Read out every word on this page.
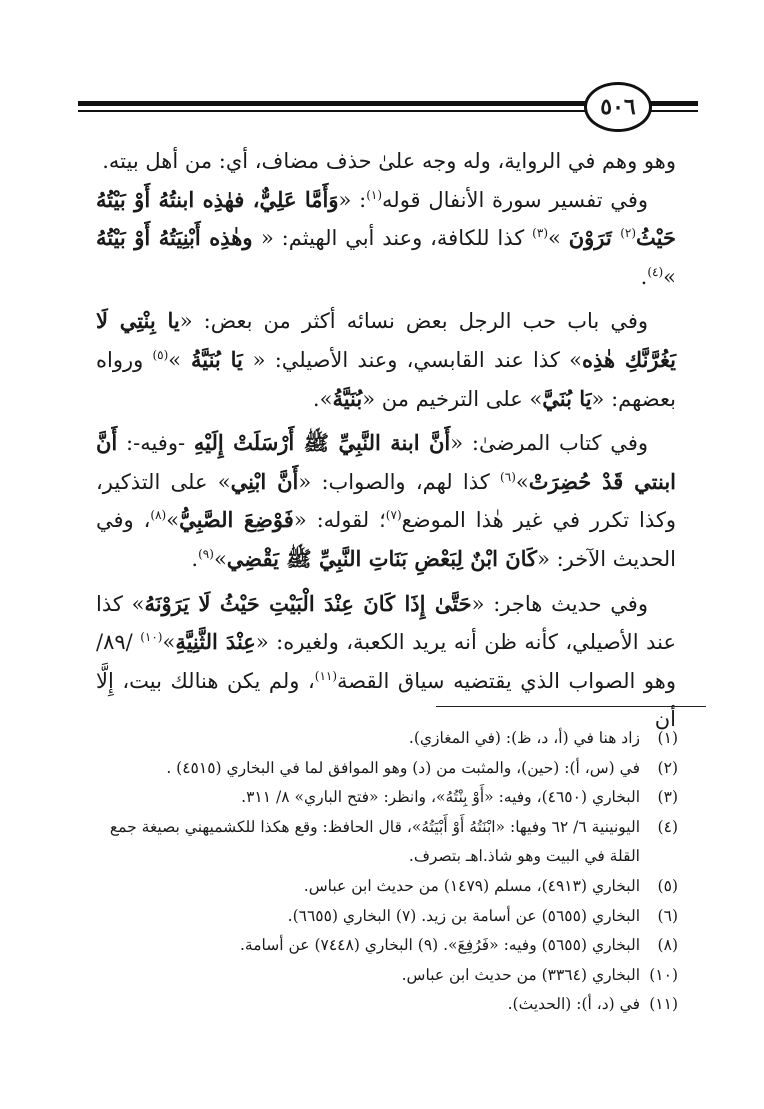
٥٠٦

وهو وهم في الرواية، وله وجه علىٰ حذف مضاف، أي: من أهل بيته.

وفي تفسير سورة الأنفال قوله$^{(١)}$: «وَأَمَّا عَلِيٌّ، فهٰذِه ابنتُهُ أَوْ بَيْتُهُ حَيْثُ$^{(٢)}$ تَرَوْنَ »$^{(٣)}$ كذا للكافة، وعند أبي الهيثم: « وهٰذِه أَبْنِيَتُهُ أَوْ بَيْتُهُ »$^{(٤)}$.

وفي باب حب الرجل بعض نسائه أكثر من بعض: «يا بِنْتِي لَا يَغُرَّنَّكِ هٰذِه» كذا عند القابسي، وعند الأصيلي: « يَا بُنَيَّةُ »$^{(٥)}$ ورواه بعضهم: «يَا بُنَيَّ» على الترخيم من «بُنَيَّةُ».

وفي كتاب المرضىٰ: «أَنَّ ابنة النَّبِيِّ ﷺ أَرْسَلَتْ إِلَيْهِ -وفيه-: أَنَّ ابنتي قَدْ حُضِرَتْ»$^{(٦)}$ كذا لهم، والصواب: «أَنَّ ابْنِي» على التذكير، وكذا تكرر في غير هٰذا الموضع$^{(٧)}$؛ لقوله: «فَوْضِعَ الصَّبِيُّ»$^{(٨)}$، وفي الحديث الآخر: «كَانَ ابْنٌ لِبَعْضِ بَنَاتِ النَّبِيِّ ﷺ يَقْضِي»$^{(٩)}$.

وفي حديث هاجر: «حَتَّىٰ إِذَا كَانَ عِنْدَ الْبَيْتِ حَيْثُ لَا يَرَوْنَهُ» كذا عند الأصيلي، كأنه ظن أنه يريد الكعبة، ولغيره: «عِنْدَ الثَّنِيَّةِ»$^{(١٠)}$ /٨٩/ وهو الصواب الذي يقتضيه سياق القصة$^{(١١)}$، ولم يكن هنالك بيت، إِلَّا أن

(١)
زاد هنا في (أ، د، ظ): (في المغازي).
(٢)
في (س، أ): (حين)، والمثبت من (د) وهو الموافق لما في البخاري (٤٥١٥) .
(٣)
البخاري (٤٦٥٠)، وفيه: «أَوْ بِنْتُهُ»، وانظر: «فتح الباري» ٨/ ٣١١.
(٤)
اليونينية ٦/ ٦٢ وفيها: «ابْنَتُهُ أَوْ أَبْيَتُهُ»، قال الحافظ: وقع هكذا للكشميهني بصيغة جمع القلة في البيت وهو شاذ.اهـ بتصرف.
(٥)
البخاري (٤٩١٣)، مسلم (١٤٧٩) من حديث ابن عباس.
(٦)
البخاري (٥٦٥٥) عن أسامة بن زيد. (٧) البخاري (٦٦٥٥).
(٨)
البخاري (٥٦٥٥) وفيه: «فَرُفِعَ». (٩) البخاري (٧٤٤٨) عن أسامة.
(١٠)
البخاري (٣٣٦٤) من حديث ابن عباس.
(١١)
في (د، أ): (الحديث).
